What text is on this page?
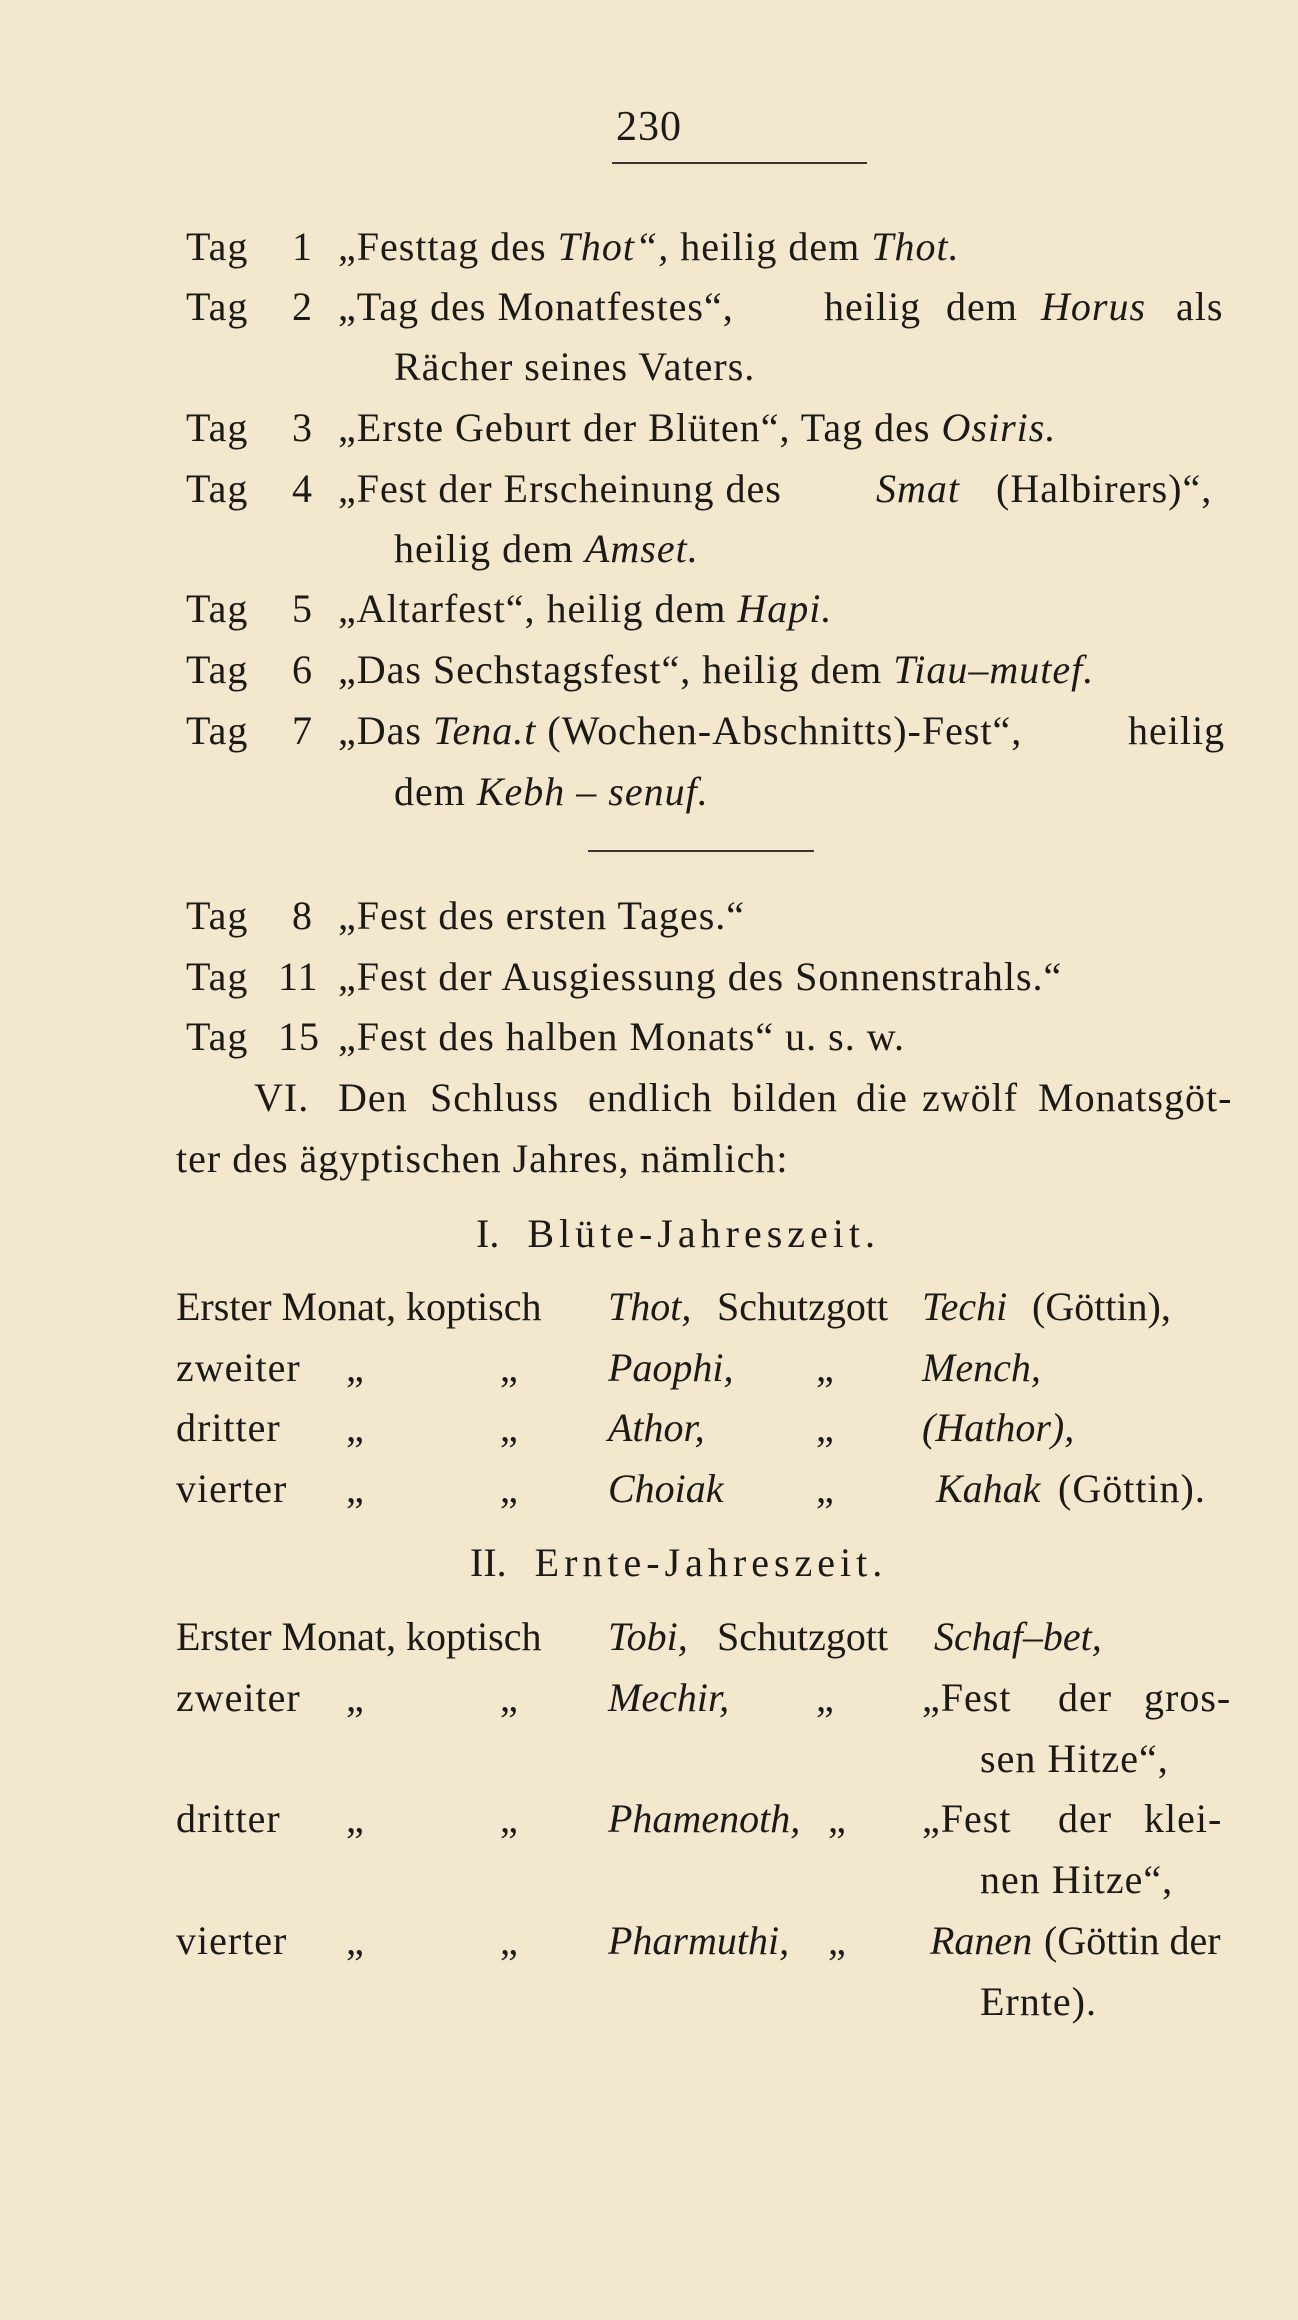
230
Tag 1 „Festtag des Thot“, heilig dem Thot.
Tag 2 „Tag des Monatfestes“, heilig dem Horus als
Rächer seines Vaters.
Tag 3 „Erste Geburt der Blüten“, Tag des Osiris.
Tag 4 „Fest der Erscheinung des Smat (Halbirers)“,
heilig dem Amset.
Tag 5 „Altarfest“, heilig dem Hapi.
Tag 6 „Das Sechstagsfest“, heilig dem Tiau–mutef.
Tag 7 „Das Tena.t (Wochen-Abschnitts)-Fest“,	heilig
dem Kebh – senuf.
Tag 8 „Fest des ersten Tages.“
Tag 11 „Fest der Ausgiessung des Sonnenstrahls.“
Tag 15 „Fest des halben Monats“ u. s. w.
VI. Den Schluss endlich bilden die zwölf Monatsgöt-
ter des ägyptischen Jahres, nämlich:
I. Blüte-Jahreszeit.
Erster Monat, koptisch Thot, Schutzgott Techi (Göttin),
zweiter „	„ Paophi, „ Mench,
dritter „	„ Athor,	„ (Hathor),
vierter „	„ Choiak „	Kahak (Göttin).
II. Ernte-Jahreszeit.
Erster Monat, koptisch Tobi, Schutzgott Schaf–bet,
zweiter „	„ Mechir, „ „Fest der gros-
sen Hitze“,
dritter „	„ Phamenoth, „ „Fest der klei-
nen Hitze“,
vierter „	„ Pharmuthi, „ Ranen (Göttin der
Ernte).
